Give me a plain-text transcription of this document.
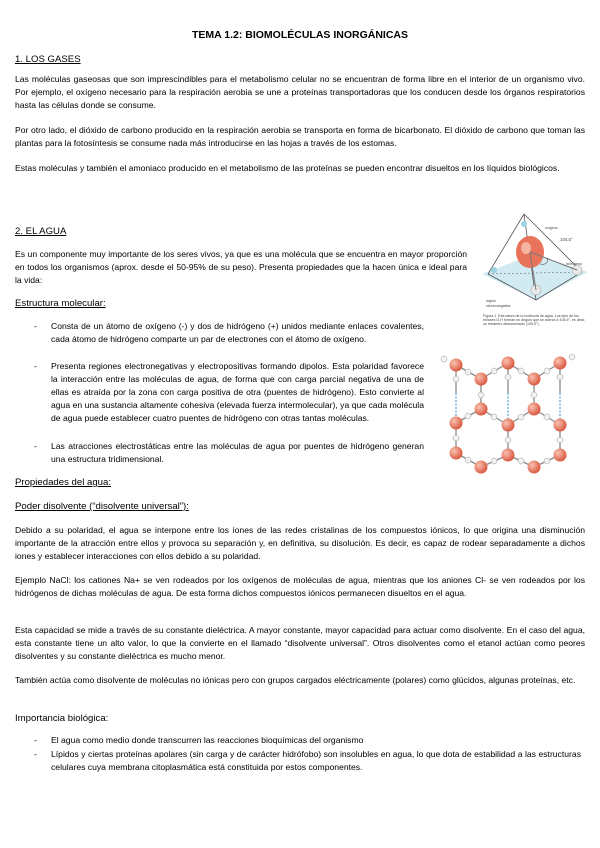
TEMA 1.2: BIOMOLÉCULAS INORGÁNICAS
1. LOS GASES
Las moléculas gaseosas que son imprescindibles para el metabolismo celular no se encuentran de forma libre en el interior de un organismo vivo. Por ejemplo, el oxígeno necesario para la respiración aerobia se une a proteínas transportadoras que los conducen desde los órganos respiratorios hasta las células donde se consume.
Por otro lado, el dióxido de carbono producido en la respiración aerobia se transporta en forma de bicarbonato. El dióxido de carbono que toman las plantas para la fotosíntesis se consume nada más introducirse en las hojas a través de los estomas.
Estas moléculas y también el amoniaco producido en el metabolismo de las proteínas se pueden encontrar disueltos en los líquidos biológicos.
2. EL AGUA
Es un componente muy importante de los seres vivos, ya que es una molécula que se encuentra en mayor proporción en todos los organismos (aprox. desde el 50-95% de su peso). Presenta propiedades que la hacen única e ideal para la vida:
Estructura molecular:
- Consta de un átomo de oxígeno (-) y dos de hidrógeno (+) unidos mediante enlaces covalentes, cada átomo de hidrógeno comparte un par de electrones con el átomo de oxígeno.
- Presenta regiones electronegativas y electropositivas formando dipolos. Esta polaridad favorece la interacción entre las moléculas de agua, de forma que con carga parcial negativa de una de ellas es atraída por la zona con carga positiva de otra (puentes de hidrógeno). Esto convierte al agua en una sustancia altamente cohesiva (elevada fuerza intermolecular), ya que cada molécula de agua puede establecer cuatro puentes de hidrógeno con otras tantas moléculas.
- Las atracciones electrostáticas entre las moléculas de agua por puentes de hidrógeno generan una estructura tridimensional.
Propiedades del agua:
Poder disolvente (“disolvente universal”):
Debido a su polaridad, el agua se interpone entre los iones de las redes cristalinas de los compuestos iónicos, lo que origina una disminución importante de la atracción entre ellos y provoca su separación y, en definitiva, su disolución. Es decir, es capaz de rodear separadamente a dichos iones y establecer interacciones con ellos debido a su polaridad.
Ejemplo NaCl: los cationes Na+ se ven rodeados por los oxígenos de moléculas de agua, mientras que los aniones Cl- se ven rodeados por los hidrógenos de dichas moléculas de agua. De esta forma dichos compuestos iónicos permanecen disueltos en el agua.
Esta capacidad se mide a través de su constante dieléctrica. A mayor constante, mayor capacidad para actuar como disolvente. En el caso del agua, esta constante tiene un alto valor, lo que la convierte en el llamado “disolvente universal”. Otros disolventes como el etanol actúan como peores disolventes y su constante dieléctrica es mucho menor.
También actúa como disolvente de moléculas no iónicas pero con grupos cargados eléctricamente (polares) como glúcidos, algunas proteínas, etc.
Importancia biológica:
- El agua como medio donde transcurren las reacciones bioquímicas del organismo
- Lípidos y ciertas proteínas apolares (sin carga y de carácter hidrófobo) son insolubles en agua, lo que dota de estabilidad a las estructuras celulares cuya membrana citoplasmática está constituida por estos componentes.
104,5°
oxígeno
hidrógeno
región
electronegativa
Figura 1. Estructura de la molécula de agua. Los ejes de los enlaces O-H forman un ángulo que se acerca a 104,5°, es decir, un tetraedro distorsionado (109,5°).
